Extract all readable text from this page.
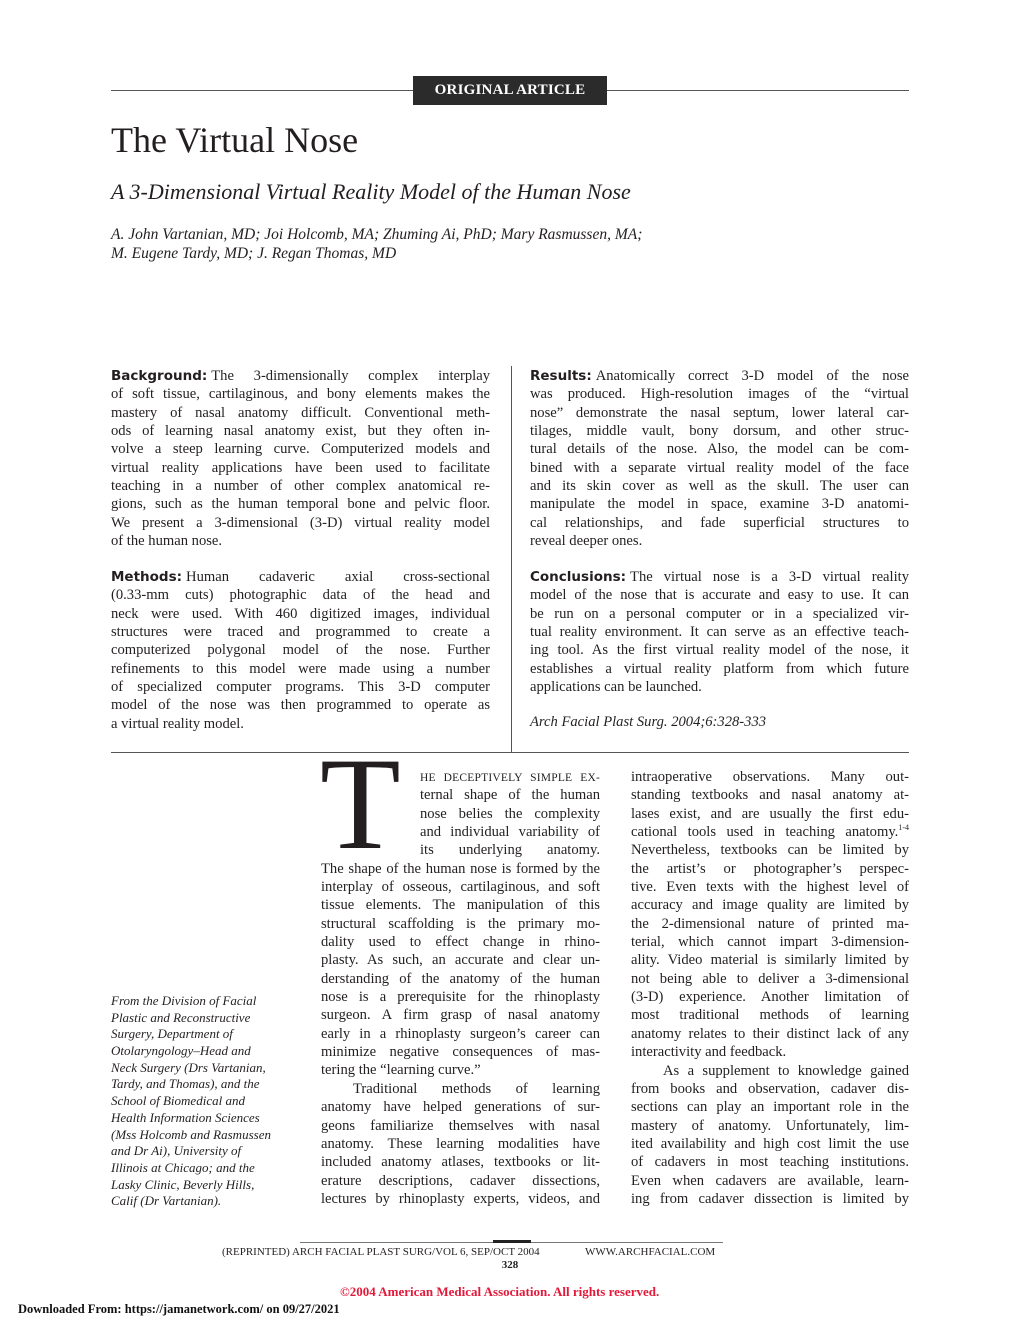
ORIGINAL ARTICLE
The Virtual Nose
A 3-Dimensional Virtual Reality Model of the Human Nose
A. John Vartanian, MD; Joi Holcomb, MA; Zhuming Ai, PhD; Mary Rasmussen, MA;
M. Eugene Tardy, MD; J. Regan Thomas, MD
Background: The 3-dimensionally complex interplay
of soft tissue, cartilaginous, and bony elements makes the
mastery of nasal anatomy difficult. Conventional meth-
ods of learning nasal anatomy exist, but they often in-
volve a steep learning curve. Computerized models and
virtual reality applications have been used to facilitate
teaching in a number of other complex anatomical re-
gions, such as the human temporal bone and pelvic floor.
We present a 3-dimensional (3-D) virtual reality model
of the human nose.
Methods: Human cadaveric axial cross-sectional
(0.33-mm cuts) photographic data of the head and
neck were used. With 460 digitized images, individual
structures were traced and programmed to create a
computerized polygonal model of the nose. Further
refinements to this model were made using a number
of specialized computer programs. This 3-D computer
model of the nose was then programmed to operate as
a virtual reality model.
Results: Anatomically correct 3-D model of the nose
was produced. High-resolution images of the “virtual
nose” demonstrate the nasal septum, lower lateral car-
tilages, middle vault, bony dorsum, and other struc-
tural details of the nose. Also, the model can be com-
bined with a separate virtual reality model of the face
and its skin cover as well as the skull. The user can
manipulate the model in space, examine 3-D anatomi-
cal relationships, and fade superficial structures to
reveal deeper ones.
Conclusions: The virtual nose is a 3-D virtual reality
model of the nose that is accurate and easy to use. It can
be run on a personal computer or in a specialized vir-
tual reality environment. It can serve as an effective teach-
ing tool. As the first virtual reality model of the nose, it
establishes a virtual reality platform from which future
applications can be launched.
Arch Facial Plast Surg. 2004;6:328-333
T HE DECEPTIVELY SIMPLE EX-
ternal shape of the human
nose belies the complexity
and individual variability of
its underlying anatomy.
The shape of the human nose is formed by the
interplay of osseous, cartilaginous, and soft
tissue elements. The manipulation of this
structural scaffolding is the primary mo-
dality used to effect change in rhino-
plasty. As such, an accurate and clear un-
derstanding of the anatomy of the human
nose is a prerequisite for the rhinoplasty
surgeon. A firm grasp of nasal anatomy
early in a rhinoplasty surgeon’s career can
minimize negative consequences of mas-
tering the “learning curve.”
Traditional methods of learning
anatomy have helped generations of sur-
geons familiarize themselves with nasal
anatomy. These learning modalities have
included anatomy atlases, textbooks or lit-
erature descriptions, cadaver dissections,
lectures by rhinoplasty experts, videos, and
intraoperative observations. Many out-
standing textbooks and nasal anatomy at-
lases exist, and are usually the first edu-
cational tools used in teaching anatomy.$^{1-4}$
Nevertheless, textbooks can be limited by
the artist’s or photographer’s perspec-
tive. Even texts with the highest level of
accuracy and image quality are limited by
the 2-dimensional nature of printed ma-
terial, which cannot impart 3-dimension-
ality. Video material is similarly limited by
not being able to deliver a 3-dimensional
(3-D) experience. Another limitation of
most traditional methods of learning
anatomy relates to their distinct lack of any
interactivity and feedback.
As a supplement to knowledge gained
from books and observation, cadaver dis-
sections can play an important role in the
mastery of anatomy. Unfortunately, lim-
ited availability and high cost limit the use
of cadavers in most teaching institutions.
Even when cadavers are available, learn-
ing from cadaver dissection is limited by
From the Division of Facial
Plastic and Reconstructive
Surgery, Department of
Otolaryngology–Head and
Neck Surgery (Drs Vartanian,
Tardy, and Thomas), and the
School of Biomedical and
Health Information Sciences
(Mss Holcomb and Rasmussen
and Dr Ai), University of
Illinois at Chicago; and the
Lasky Clinic, Beverly Hills,
Calif (Dr Vartanian).
(REPRINTED) ARCH FACIAL PLAST SURG/VOL 6, SEP/OCT 2004	WWW.ARCHFACIAL.COM
328
©2004 American Medical Association. All rights reserved.
Downloaded From: https://jamanetwork.com/ on 09/27/2021
